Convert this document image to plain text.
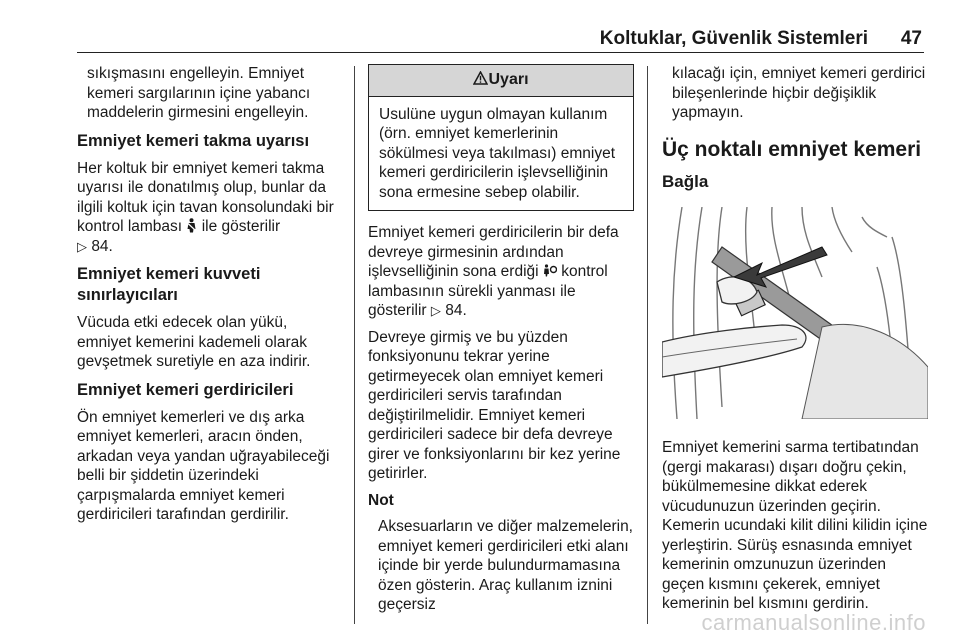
Koltuklar, Güvenlik Sistemleri 47

sıkışmasını engelleyin. Emniyet kemeri sargılarının içine yabancı maddelerin girmesini engelleyin.

Emniyet kemeri takma uyarısı

Her koltuk bir emniyet kemeri takma uyarısı ile donatılmış olup, bunlar da ilgili koltuk için tavan konsolundaki bir kontrol lambası ile gösterilir
▷ 84.

Emniyet kemeri kuvveti
sınırlayıcıları

Vücuda etki edecek olan yükü, emniyet kemerini kademeli olarak gevşetmek suretiyle en aza indirir.

Emniyet kemeri gerdiricileri

Ön emniyet kemerleri ve dış arka emniyet kemerleri, aracın önden, arkadan veya yandan uğrayabileceği belli bir şiddetin üzerindeki çarpışmalarda emniyet kemeri gerdiricileri tarafından gerdirilir.

Uyarı
Usulüne uygun olmayan kullanım (örn. emniyet kemerlerinin sökülmesi veya takılması) emniyet kemeri gerdiricilerin işlevselliğinin sona ermesine sebep olabilir.

Emniyet kemeri gerdiricilerin bir defa devreye girmesinin ardından işlevselliğinin sona erdiği kontrol lambasının sürekli yanması ile gösterilir ▷ 84.

Devreye girmiş ve bu yüzden fonksiyonunu tekrar yerine getirmeyecek olan emniyet kemeri gerdiricileri servis tarafından değiştirilmelidir. Emniyet kemeri gerdiricileri sadece bir defa devreye girer ve fonksiyonlarını bir kez yerine getirirler.

Not

Aksesuarların ve diğer malzemelerin, emniyet kemeri gerdiricileri etki alanı içinde bir yerde bulundurmamasına özen gösterin. Araç kullanım iznini geçersiz

kılacağı için, emniyet kemeri gerdirici bileşenlerinde hiçbir değişiklik yapmayın.

Üç noktalı emniyet kemeri
Bağla

Emniyet kemerini sarma tertibatından (gergi makarası) dışarı doğru çekin, bükülmemesine dikkat ederek vücudunuzun üzerinden geçirin. Kemerin ucundaki kilit dilini kilidin içine yerleştirin. Sürüş esnasında emniyet kemerinin omzunuzun üzerinden geçen kısmını çekerek, emniyet kemerinin bel kısmını gerdirin.

carmanualsonline.info
